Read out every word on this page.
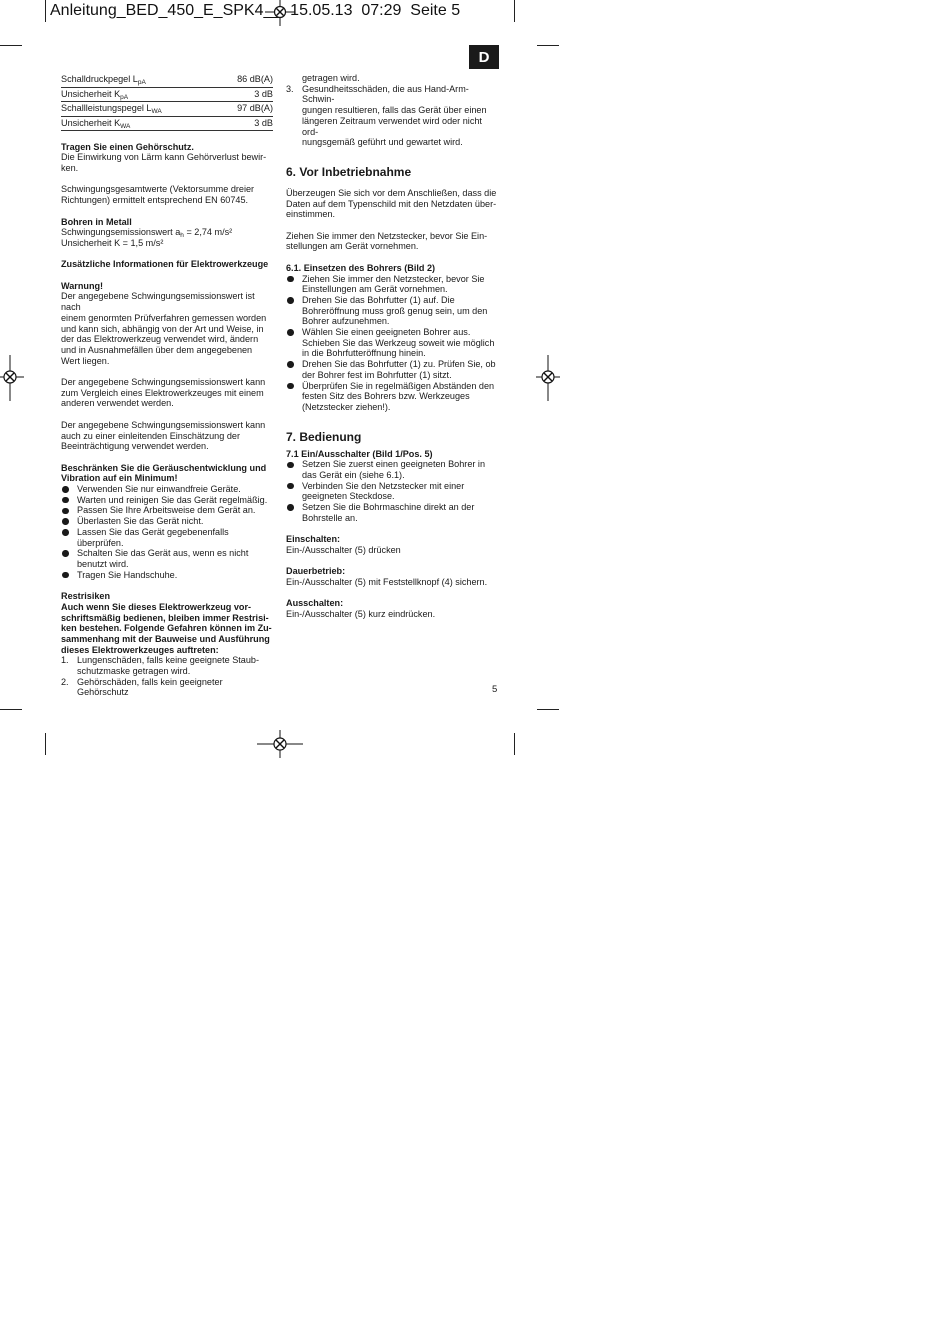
Anleitung_BED_450_E_SPK4__  15.05.13  07:29  Seite 5
D
Schalldruckpegel $L_{pA}$	86 dB(A)
Unsicherheit $K_{pA}$	3 dB
Schallleistungspegel $L_{WA}$	97 dB(A)
Unsicherheit $K_{WA}$	3 dB

Tragen Sie einen Gehörschutz.

Die Einwirkung von Lärm kann Gehörverlust bewir-
ken.

Schwingungsgesamtwerte (Vektorsumme dreier
Richtungen) ermittelt entsprechend EN 60745.

Bohren in Metall

Schwingungsemissionswert $a_h = 2,74$ m/s²

Unsicherheit K = 1,5 m/s²

Zusätzliche Informationen für Elektrowerkzeuge

Warnung!

Der angegebene Schwingungsemissionswert ist nach
einem genormten Prüfverfahren gemessen worden
und kann sich, abhängig von der Art und Weise, in
der das Elektrowerkzeug verwendet wird, ändern
und in Ausnahmefällen über dem angegebenen
Wert liegen.

Der angegebene Schwingungsemissionswert kann
zum Vergleich eines Elektrowerkzeuges mit einem
anderen verwendet werden.

Der angegebene Schwingungsemissionswert kann
auch zu einer einleitenden Einschätzung der
Beeinträchtigung verwendet werden.

Beschränken Sie die Geräuschentwicklung und
Vibration auf ein Minimum!

Verwenden Sie nur einwandfreie Geräte.
Warten und reinigen Sie das Gerät regelmäßig.
Passen Sie Ihre Arbeitsweise dem Gerät an.
Überlasten Sie das Gerät nicht.
Lassen Sie das Gerät gegebenenfalls
überprüfen.
Schalten Sie das Gerät aus, wenn es nicht
benutzt wird.
Tragen Sie Handschuhe.

Restrisiken

Auch wenn Sie dieses Elektrowerkzeug vor-
schriftsmäßig bedienen, bleiben immer Restrisi-
ken bestehen. Folgende Gefahren können im Zu-
sammenhang mit der Bauweise und Ausführung
dieses Elektrowerkzeuges auftreten:

1. Lungenschäden, falls keine geeignete Staub-
schutzmaske getragen wird.
2. Gehörschäden, falls kein geeigneter Gehörschutz
getragen wird.
3. Gesundheitsschäden, die aus Hand-Arm-Schwin-
gungen resultieren, falls das Gerät über einen
längeren Zeitraum verwendet wird oder nicht ord-
nungsgemäß geführt und gewartet wird.
6. Vor Inbetriebnahme

Überzeugen Sie sich vor dem Anschließen, dass die
Daten auf dem Typenschild mit den Netzdaten über-
einstimmen.

Ziehen Sie immer den Netzstecker, bevor Sie Ein-
stellungen am Gerät vornehmen.

6.1. Einsetzen des Bohrers (Bild 2)

Ziehen Sie immer den Netzstecker, bevor Sie
Einstellungen am Gerät vornehmen.
Drehen Sie das Bohrfutter (1) auf. Die
Bohreröffnung muss groß genug sein, um den
Bohrer aufzunehmen.
Wählen Sie einen geeigneten Bohrer aus.
Schieben Sie das Werkzeug soweit wie möglich
in die Bohrfutteröffnung hinein.
Drehen Sie das Bohrfutter (1) zu. Prüfen Sie, ob
der Bohrer fest im Bohrfutter (1) sitzt.
Überprüfen Sie in regelmäßigen Abständen den
festen Sitz des Bohrers bzw. Werkzeuges
(Netzstecker ziehen!).
7. Bedienung

7.1 Ein/Ausschalter (Bild 1/Pos. 5)

Setzen Sie zuerst einen geeigneten Bohrer in
das Gerät ein (siehe 6.1).
Verbinden Sie den Netzstecker mit einer
geeigneten Steckdose.
Setzen Sie die Bohrmaschine direkt an der
Bohrstelle an.

Einschalten:

Ein-/Ausschalter (5) drücken

Dauerbetrieb:

Ein-/Ausschalter (5) mit Feststellknopf (4) sichern.

Ausschalten:

Ein-/Ausschalter (5) kurz eindrücken.

5
